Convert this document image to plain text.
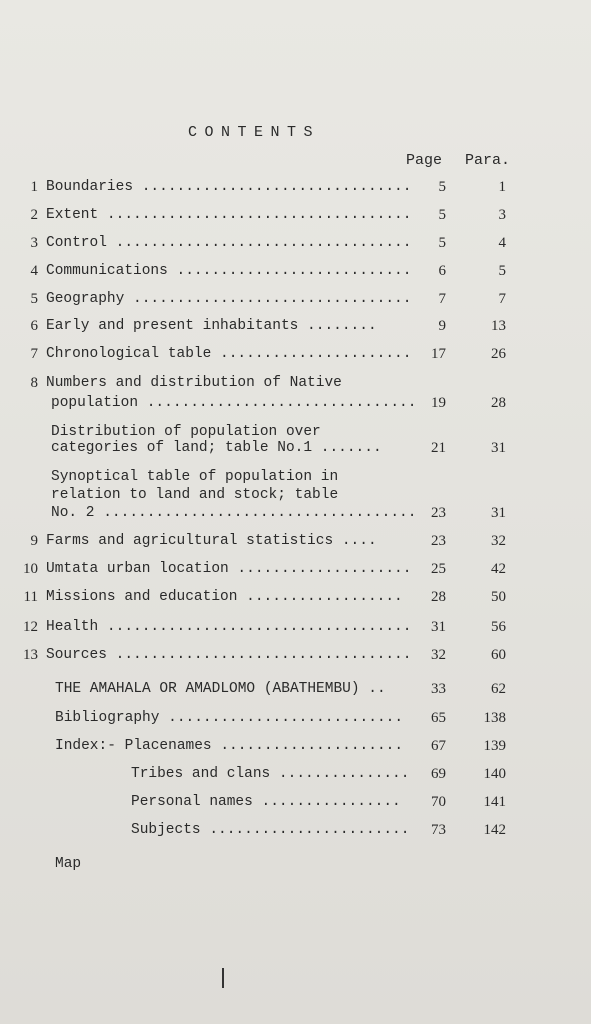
CONTENTS
Page Para.
1 Boundaries ...............................	5	1
2 Extent ...................................	5	3
3 Control ..................................	5	4
4 Communications ...........................	6	5
5 Geography ................................	7	7
6 Early and present inhabitants ........	9	13
7 Chronological table ......................	17	26
8 Numbers and distribution of Native
population ............................... 19	28
Distribution of population over
categories of land; table No.1 .......	21	31
Synoptical table of population in
relation to land and stock; table
No. 2 .................................... 23	31
9 Farms and agricultural statistics ....	23	32
10 Umtata urban location ....................	25	42
11 Missions and education ..................	28	50
12 Health ...................................	31	56
13 Sources ..................................	32	60
THE AMAHALA OR AMADLOMO (ABATHEMBU) ..	33	62
Bibliography ...........................	65	138
Index:- Placenames .....................	67	139
Tribes and clans ...............	69	140
Personal names ................	70	141
Subjects .......................	73	142
Map
